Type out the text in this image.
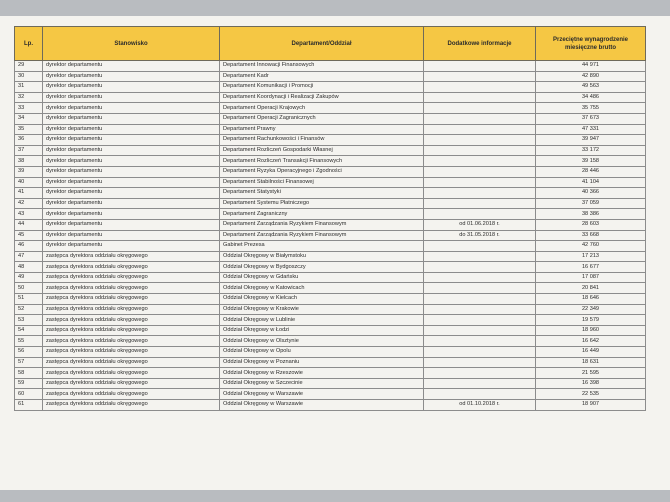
Lp.	Stanowisko	Departament/Oddział	Dodatkowe informacje	Przeciętne wynagrodzenie miesięczne brutto
29	dyrektor departamentu	Departament Innowacji Finansowych		44 971
30	dyrektor departamentu	Departament Kadr		42 890
31	dyrektor departamentu	Departament Komunikacji i Promocji		49 563
32	dyrektor departamentu	Departament Koordynacji i Realizacji Zakupów		34 486
33	dyrektor departamentu	Departament Operacji Krajowych		35 755
34	dyrektor departamentu	Departament Operacji Zagranicznych		37 673
35	dyrektor departamentu	Departament Prawny		47 331
36	dyrektor departamentu	Departament Rachunkowości i Finansów		39 947
37	dyrektor departamentu	Departament Rozliczeń Gospodarki Własnej		33 172
38	dyrektor departamentu	Departament Rozliczeń Transakcji Finansowych		39 158
39	dyrektor departamentu	Departament Ryzyka Operacyjnego i Zgodności		28 446
40	dyrektor departamentu	Departament Stabilności Finansowej		41 104
41	dyrektor departamentu	Departament Statystyki		40 366
42	dyrektor departamentu	Departament Systemu Płatniczego		37 059
43	dyrektor departamentu	Departament Zagraniczny		38 386
44	dyrektor departamentu	Departament Zarządzania Ryzykiem Finansowym	od 01.06.2018 r.	28 603
45	dyrektor departamentu	Departament Zarządzania Ryzykiem Finansowym	do 31.05.2018 r.	33 668
46	dyrektor departamentu	Gabinet Prezesa		42 760
47	zastępca dyrektora oddziału okręgowego	Oddział Okręgowy w Białymstoku		17 213
48	zastępca dyrektora oddziału okręgowego	Oddział Okręgowy w Bydgoszczy		16 677
49	zastępca dyrektora oddziału okręgowego	Oddział Okręgowy w Gdańsku		17 087
50	zastępca dyrektora oddziału okręgowego	Oddział Okręgowy w Katowicach		20 841
51	zastępca dyrektora oddziału okręgowego	Oddział Okręgowy w Kielcach		18 646
52	zastępca dyrektora oddziału okręgowego	Oddział Okręgowy w Krakowie		22 349
53	zastępca dyrektora oddziału okręgowego	Oddział Okręgowy w Lublinie		19 579
54	zastępca dyrektora oddziału okręgowego	Oddział Okręgowy w Łodzi		18 960
55	zastępca dyrektora oddziału okręgowego	Oddział Okręgowy w Olsztynie		16 642
56	zastępca dyrektora oddziału okręgowego	Oddział Okręgowy w Opolu		16 449
57	zastępca dyrektora oddziału okręgowego	Oddział Okręgowy w Poznaniu		18 631
58	zastępca dyrektora oddziału okręgowego	Oddział Okręgowy w Rzeszowie		21 595
59	zastępca dyrektora oddziału okręgowego	Oddział Okręgowy w Szczecinie		16 398
60	zastępca dyrektora oddziału okręgowego	Oddział Okręgowy w Warszawie		22 535
61	zastępca dyrektora oddziału okręgowego	Oddział Okręgowy w Warszawie	od 01.10.2018 r.	18 907
